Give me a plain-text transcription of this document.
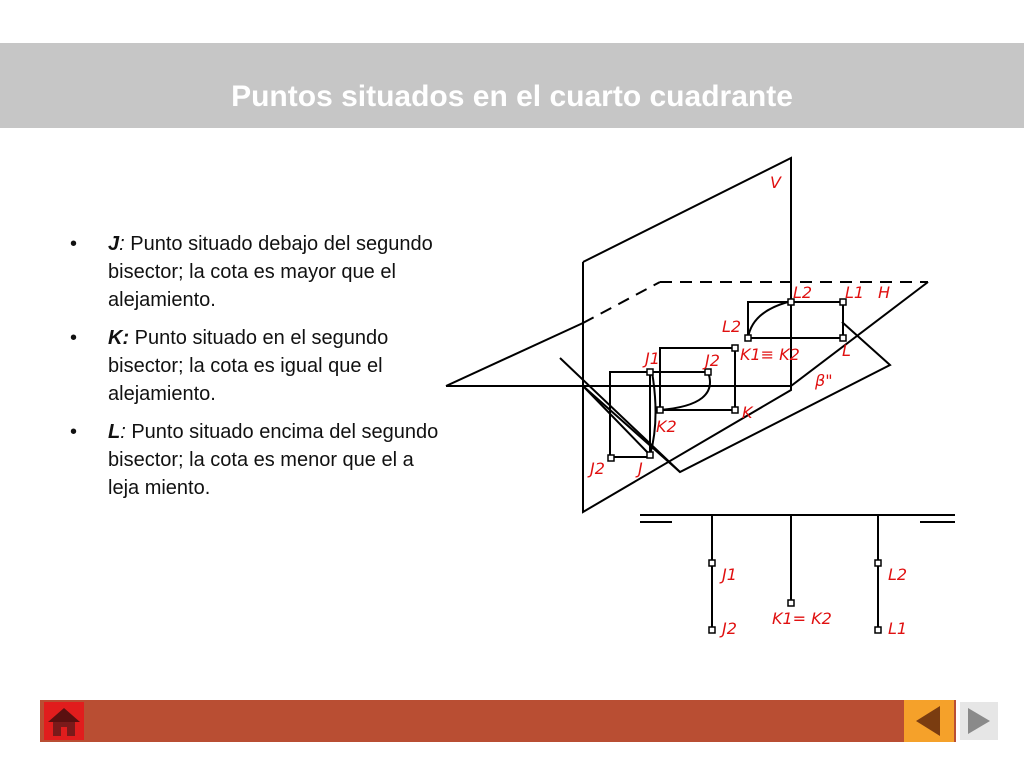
Puntos situados en el cuarto cuadrante
• J: Punto situado debajo del segundo bisector; la cota es mayor que el alejamiento.
• K: Punto situado en el segundo bisector; la cota es igual que el alejamiento.
• L: Punto situado encima del segundo bisector; la cota es menor que el a leja miento.
V
H
L2 L1
L2
K1≡ K2	L
J1	J2
K
K2
β"
J2 J
J1
J2
K1= K2
L2
L1
